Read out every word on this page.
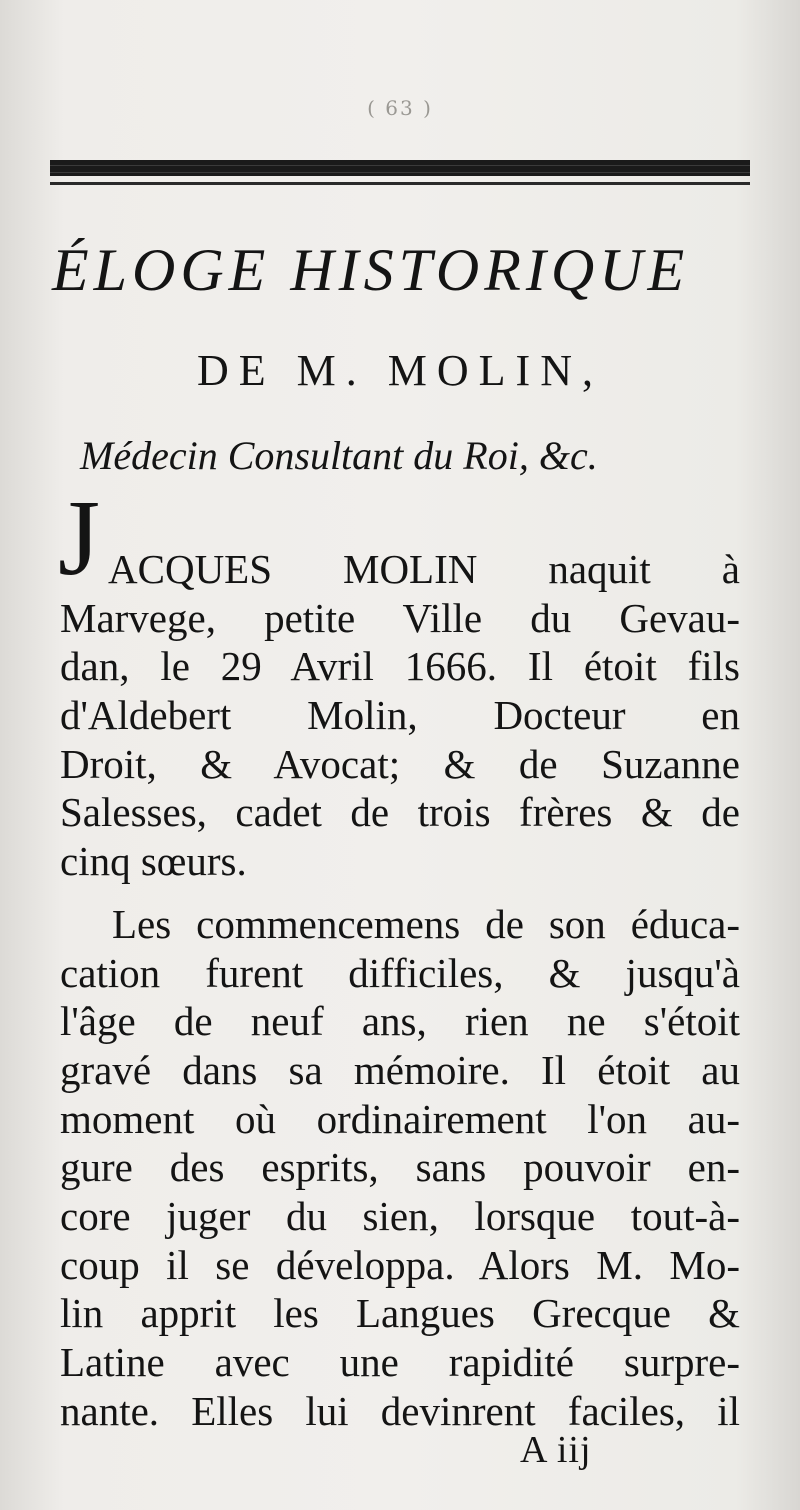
( 63 )
ÉLOGE HISTORIQUE
DE M. MOLIN,
Médecin Consultant du Roi, &c.
J ACQUES MOLIN naquit à
Marvege, petite Ville du Gevau-
dan, le 29 Avril 1666. Il étoit fils
d'Aldebert Molin, Docteur en
Droit, & Avocat; & de Suzanne
Salesses, cadet de trois frères & de
cinq sœurs.
Les commencemens de son éduca-
cation furent difficiles, & jusqu'à
l'âge de neuf ans, rien ne s'étoit
gravé dans sa mémoire. Il étoit au
moment où ordinairement l'on au-
gure des esprits, sans pouvoir en-
core juger du sien, lorsque tout-à-
coup il se développa. Alors M. Mo-
lin apprit les Langues Grecque &
Latine avec une rapidité surpre-
nante. Elles lui devinrent faciles, il
A iij
